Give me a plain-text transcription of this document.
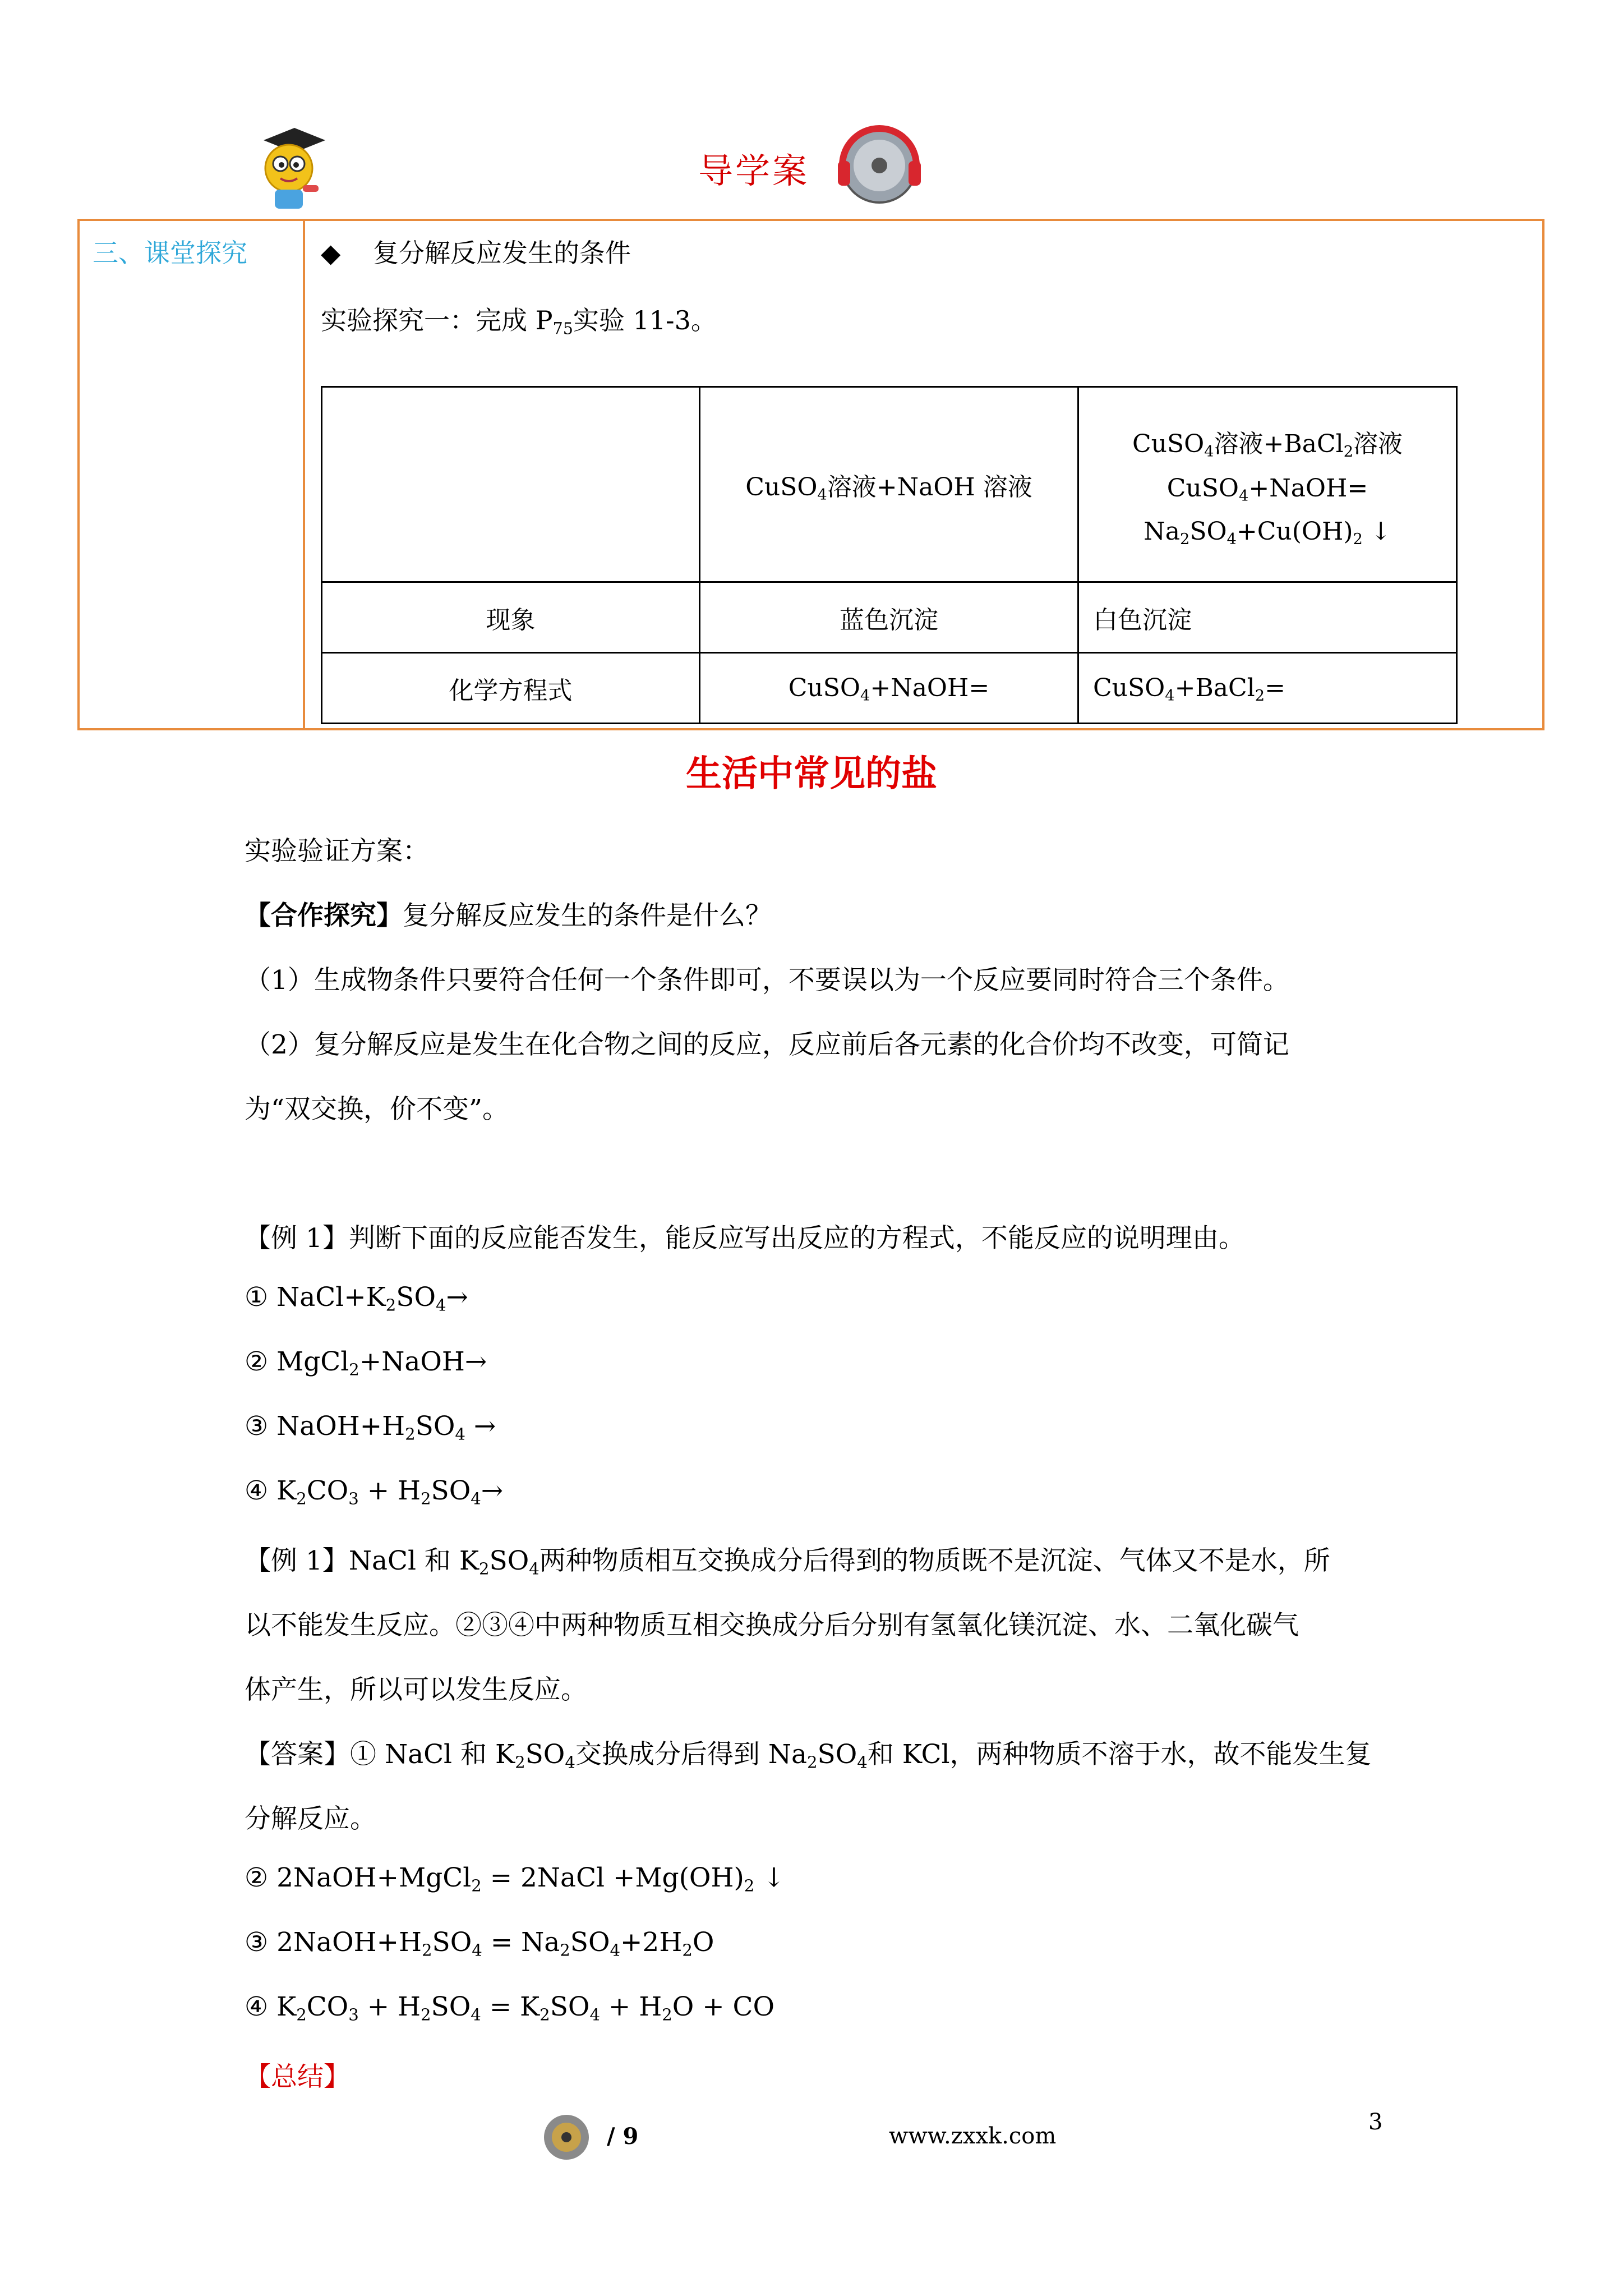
导学案
三、课堂探究	◆ 复分解反应发生的条件
实验探究一：完成 $P_{75}$实验 11-3。
	CuSO$_4$溶液+NaOH 溶液	CuSO$_4$溶液+BaCl$_2$溶液
CuSO$_4$+NaOH=
$Na_2SO_4+Cu(OH)_2$ ↓

现象	蓝色沉淀	白色沉淀
化学方程式	CuSO$_4$+NaOH=	CuSO$_4$+BaCl$_2$=
生活中常见的盐
实验验证方案：
【合作探究】复分解反应发生的条件是什么？
（1）生成物条件只要符合任何一个条件即可，不要误以为一个反应要同时符合三个条件。
（2）复分解反应是发生在化合物之间的反应，反应前后各元素的化合价均不改变，可简记
为“双交换，价不变”。
【例 1】判断下面的反应能否发生，能反应写出反应的方程式，不能反应的说明理由。
① $NaCl+K_2SO_4\to$
② MgCl$_2$+NaOH→
③ $NaOH+H_2SO_4$ →
④ $K_2CO_3 + H_2SO_4\to$
【例 1】NaCl 和 $K_2SO_4$两种物质相互交换成分后得到的物质既不是沉淀、气体又不是水，所
以不能发生反应。②③④中两种物质互相交换成分后分别有氢氧化镁沉淀、水、二氧化碳气
体产生，所以可以发生反应。
【答案】① NaCl 和 $K_2SO_4$交换成分后得到 $Na_2SO_4$和 KCl，两种物质不溶于水，故不能发生复
分解反应。
② 2NaOH+MgCl$_2$ = 2NaCl $+Mg(OH)_2$ ↓
③ $2NaOH+H_2SO_4 = Na_2SO_4+2H_2O$
④ $K_2CO_3 + H_2SO_4 = K_2SO_4 + H_2O$ + CO
【总结】
/ 9	www.zxxk.com
3
